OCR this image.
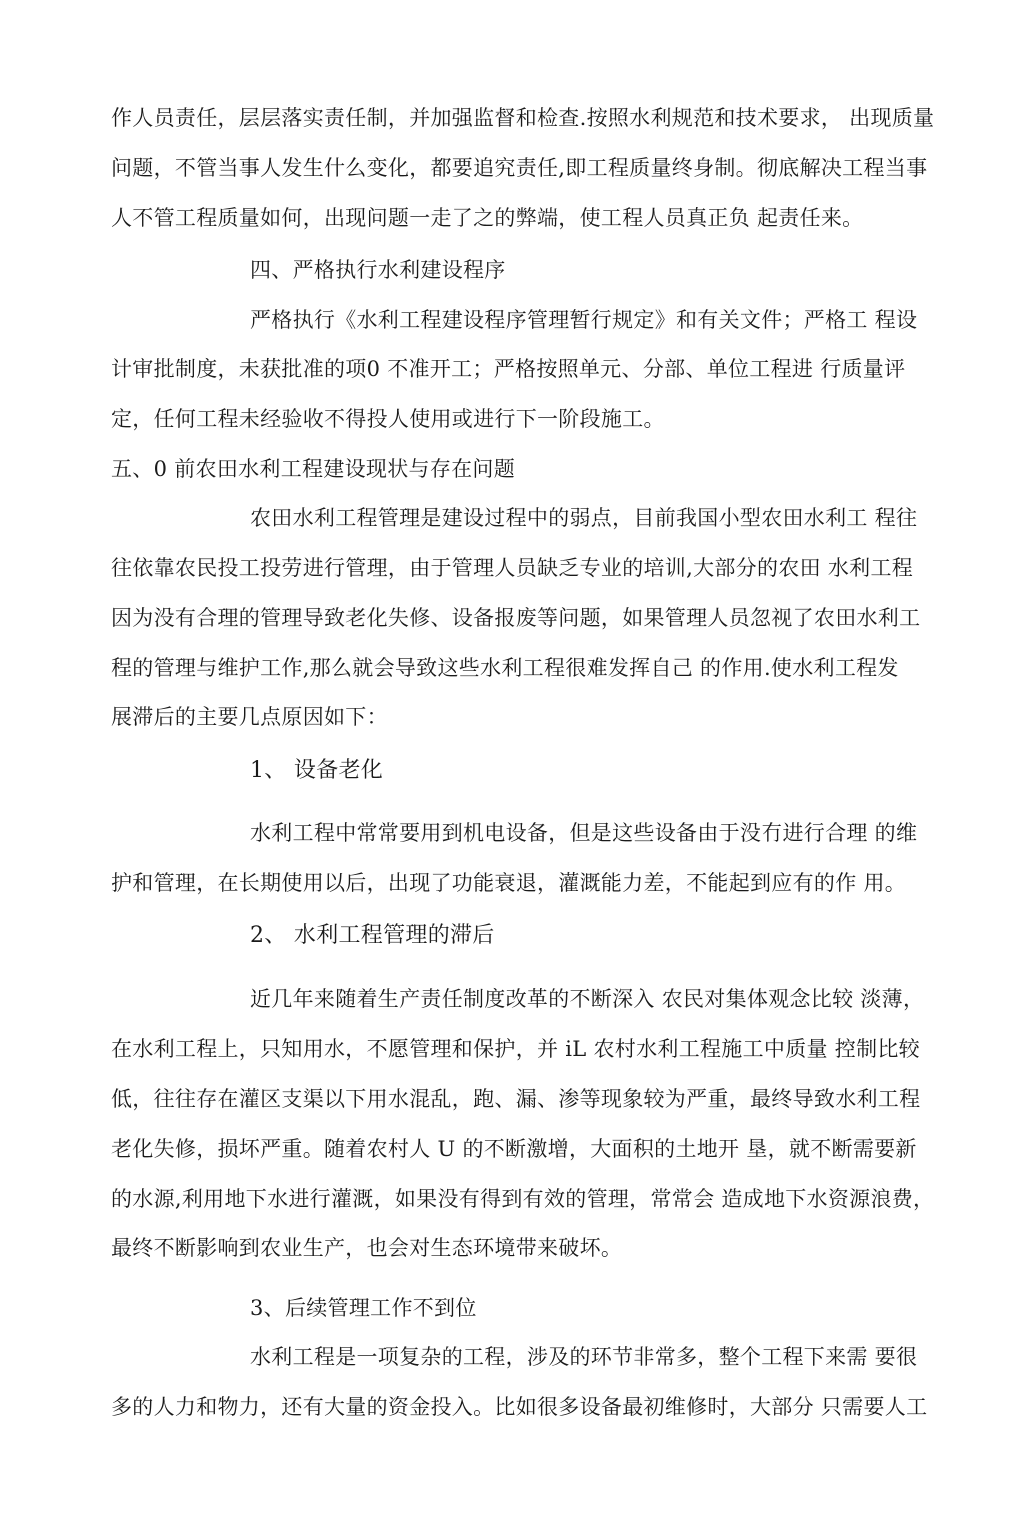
作人员责任，层层落实责任制，并加强监督和检查.按照水利规范和技术要求， 出现质量
问题，不管当事人发生什么变化，都要追究责任,即工程质量终身制。彻底解决工程当事
人不管工程质量如何，出现问题一走了之的弊端，使工程人员真正负 起责任来。
四、严格执行水利建设程序
严格执行《水利工程建设程序管理暂行规定》和有关文件；严格工 程设
计审批制度，未获批准的项0 不准开工；严格按照单元、分部、单位工程进 行质量评
定，任何工程未经验收不得投人使用或进行下一阶段施工。
五、0 前农田水利工程建设现状与存在问题
农田水利工程管理是建设过程中的弱点，目前我国小型农田水利工 程往
往依靠农民投工投劳进行管理，由于管理人员缺乏专业的培训,大部分的农田 水利工程
因为没有合理的管理导致老化失修、设备报废等问题，如果管理人员忽视了农田水利工
程的管理与维护工作,那么就会导致这些水利工程很难发挥自己 的作用.使水利工程发
展滞后的主要几点原因如下：
1、 设备老化
水利工程中常常要用到机电设备，但是这些设备由于没冇进行合理 的维
护和管理，在长期使用以后，出现了功能衰退，灌溉能力差，不能起到应有的作 用。
2、 水利工程管理的滞后
近几年来随着生产责任制度改革的不断深入 农民对集体观念比较 淡薄，
在水利工程上，只知用水，不愿管理和保护，并 iL 农村水利工程施工中质量 控制比较
低，往往存在灌区支渠以下用水混乱，跑、漏、渗等现象较为严重，最终导致水利工程
老化失修，损坏严重。随着农村人 U 的不断激增，大面积的土地开 垦，就不断需要新
的水源,利用地下水进行灌溉，如果没有得到有效的管理，常常会 造成地下水资源浪费，
最终不断影响到农业生产，也会对生态环境带来破坏。
3、后续管理工作不到位
水利工程是一项复杂的工程，涉及的环节非常多，整个工程下来需 要很
多的人力和物力，还有大量的资金投入。比如很多设备最初维修时，大部分 只需要人工
